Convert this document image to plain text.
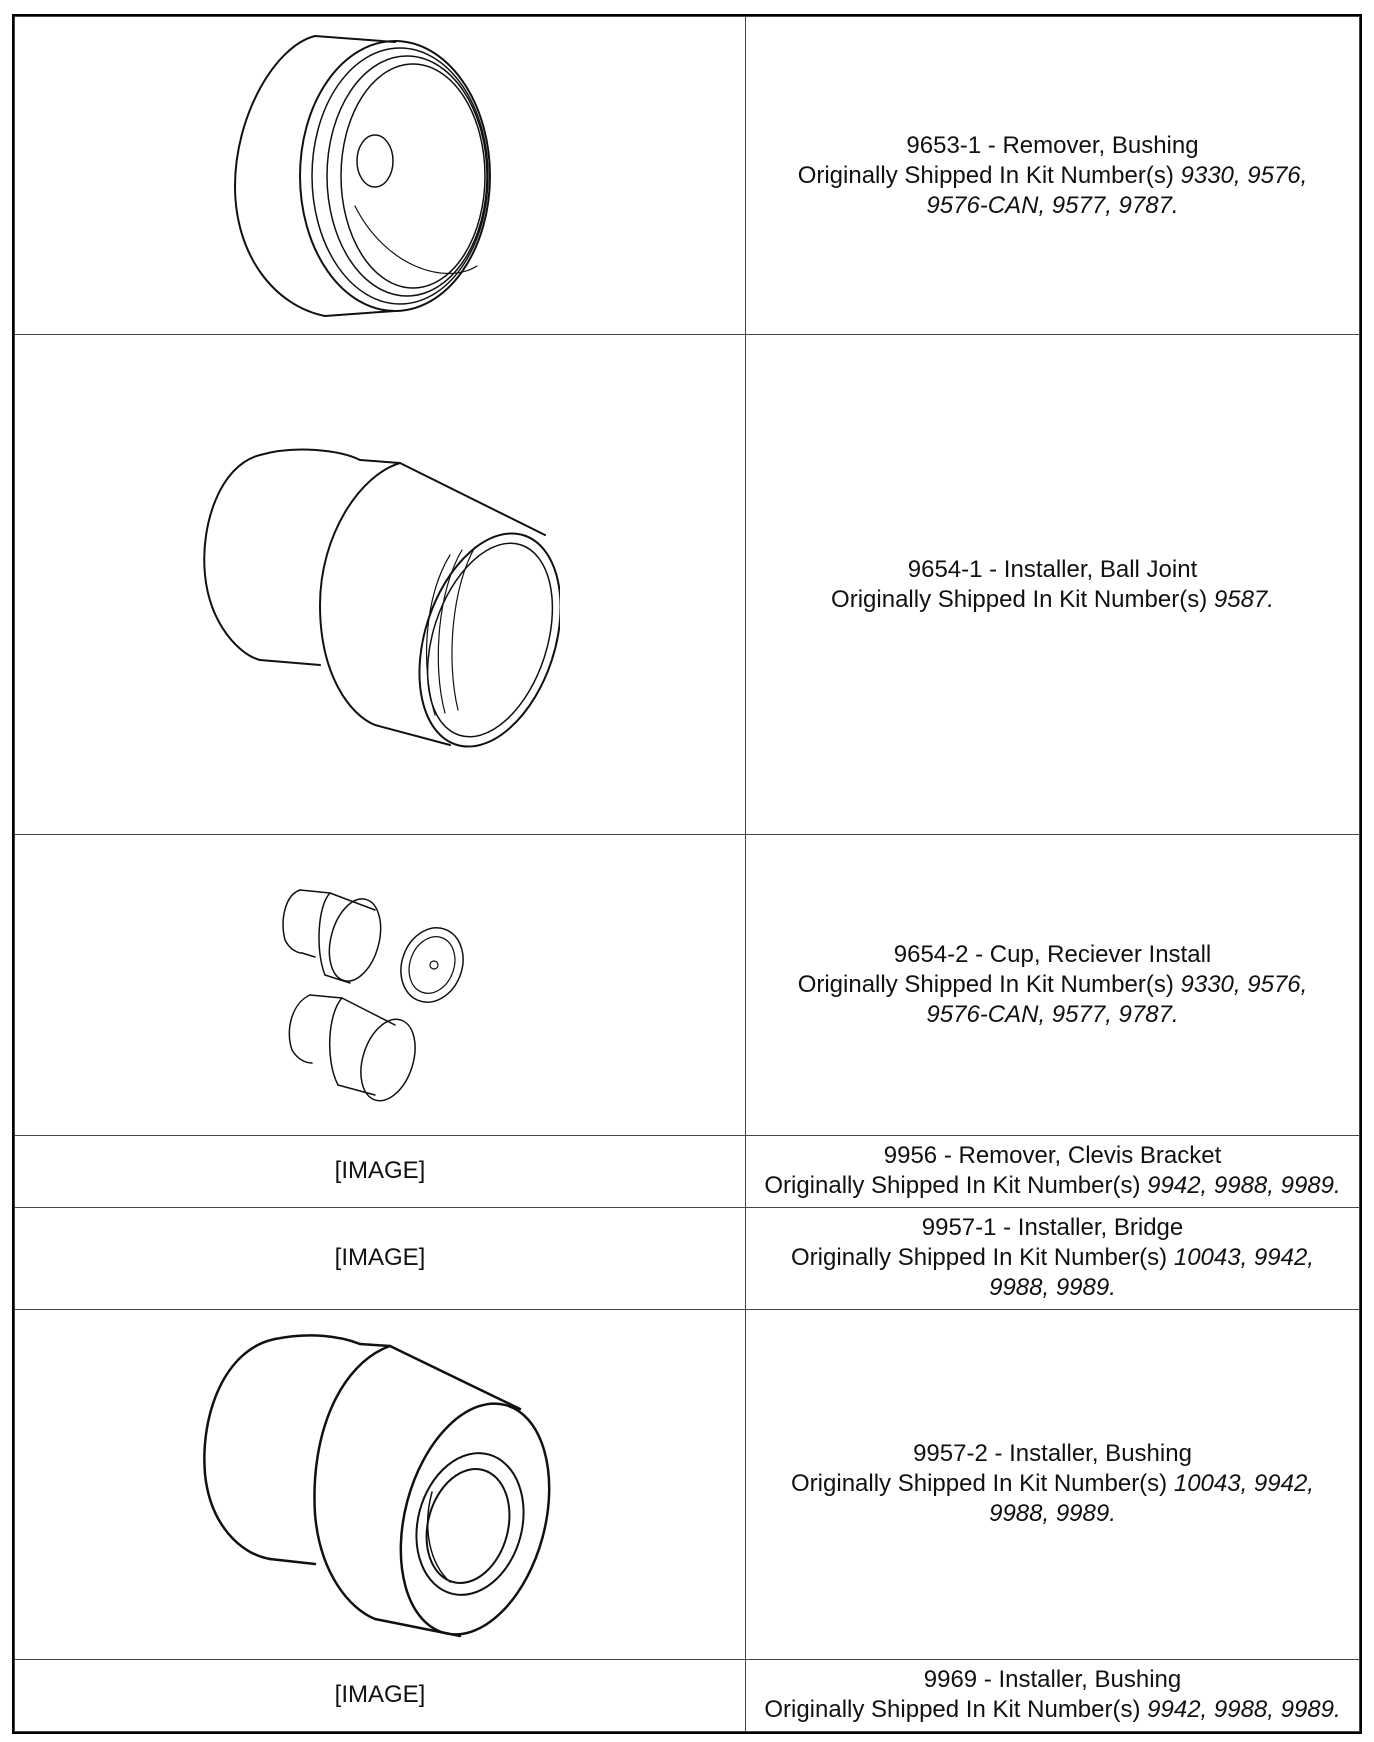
9653-1 - Remover, Bushing
Originally Shipped In Kit Number(s) 9330, 9576,
9576-CAN, 9577, 9787.

9654-1 - Installer, Ball Joint
Originally Shipped In Kit Number(s) 9587.

9654-2 - Cup, Reciever Install
Originally Shipped In Kit Number(s) 9330, 9576,
9576-CAN, 9577, 9787.

[IMAGE]	9956 - Remover, Clevis Bracket
Originally Shipped In Kit Number(s) 9942, 9988, 9989.

[IMAGE]	9957-1 - Installer, Bridge
Originally Shipped In Kit Number(s) 10043, 9942,
9988, 9989.

9957-2 - Installer, Bushing
Originally Shipped In Kit Number(s) 10043, 9942,
9988, 9989.

[IMAGE]	9969 - Installer, Bushing
Originally Shipped In Kit Number(s) 9942, 9988, 9989.
